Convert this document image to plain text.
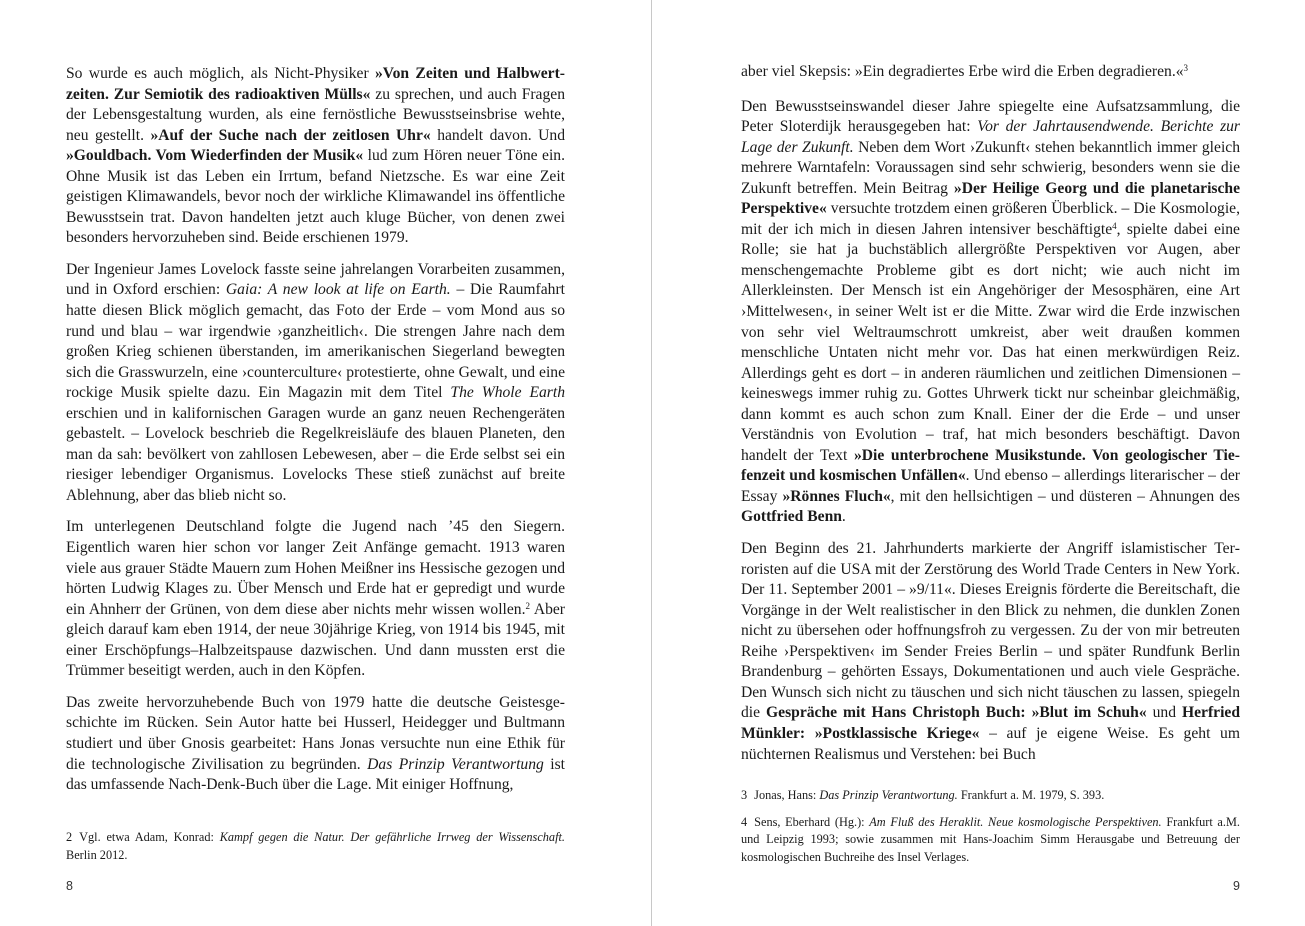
So wurde es auch möglich, als Nicht-Physiker »Von Zeiten und Halbwertzeiten. Zur Semiotik des radioaktiven Mülls« zu sprechen, und auch Fragen der Lebensgestaltung wurden, als eine fernöstliche Bewusstseinsbrise wehte, neu gestellt. »Auf der Suche nach der zeitlosen Uhr« handelt davon. Und »Gouldbach. Vom Wiederfinden der Musik« lud zum Hören neuer Töne ein. Ohne Musik ist das Leben ein Irrtum, befand Nietzsche. Es war eine Zeit geistigen Klimawandels, bevor noch der wirkliche Klimawandel ins öffentliche Bewusstsein trat. Davon handelten jetzt auch kluge Bücher, von denen zwei besonders hervorzuheben sind. Beide erschienen 1979.

Der Ingenieur James Lovelock fasste seine jahrelangen Vorarbeiten zusammen, und in Oxford erschien: Gaia: A new look at life on Earth. – Die Raumfahrt hatte diesen Blick möglich gemacht, das Foto der Erde – vom Mond aus so rund und blau – war irgendwie ›ganzheitlich‹. Die strengen Jahre nach dem großen Krieg schienen überstanden, im amerikanischen Siegerland bewegten sich die Grasswurzeln, eine ›counterculture‹ protestierte, ohne Gewalt, und eine rockige Musik spielte dazu. Ein Magazin mit dem Titel The Whole Earth erschien und in kalifornischen Garagen wurde an ganz neuen Rechengeräten gebastelt. – Lovelock beschrieb die Regelkreisläufe des blauen Planeten, den man da sah: bevölkert von zahllosen Lebewesen, aber – die Erde selbst sei ein riesiger lebendiger Organismus. Lovelocks These stieß zunächst auf breite Ablehnung, aber das blieb nicht so.

Im unterlegenen Deutschland folgte die Jugend nach ’45 den Siegern. Eigentlich waren hier schon vor langer Zeit Anfänge gemacht. 1913 waren viele aus grauer Städte Mauern zum Hohen Meißner ins Hessische gezogen und hörten Ludwig Klages zu. Über Mensch und Erde hat er gepredigt und wurde ein Ahnherr der Grünen, von dem diese aber nichts mehr wissen wollen.$^2$ Aber gleich darauf kam eben 1914, der neue 30jährige Krieg, von 1914 bis 1945, mit einer Erschöpfungs–Halbzeitspause dazwischen. Und dann mussten erst die Trümmer beseitigt werden, auch in den Köpfen.

Das zweite hervorzuhebende Buch von 1979 hatte die deutsche Geistesgeschichte im Rücken. Sein Autor hatte bei Husserl, Heidegger und Bultmann studiert und über Gnosis gearbeitet: Hans Jonas versuchte nun eine Ethik für die technologische Zivilisation zu begründen. Das Prinzip Verantwortung ist das umfassende Nach-Denk-Buch über die Lage. Mit einiger Hoffnung,

2 Vgl. etwa Adam, Konrad: Kampf gegen die Natur. Der gefährliche Irrweg der Wissenschaft. Berlin 2012.
8

aber viel Skepsis: »Ein degradiertes Erbe wird die Erben degradieren.«$^3$

Den Bewusstseinswandel dieser Jahre spiegelte eine Aufsatzsammlung, die Peter Sloterdijk herausgegeben hat: Vor der Jahrtausendwende. Berichte zur Lage der Zukunft. Neben dem Wort ›Zukunft‹ stehen bekanntlich immer gleich mehrere Warntafeln: Voraussagen sind sehr schwierig, besonders wenn sie die Zukunft betreffen. Mein Beitrag »Der Heilige Georg und die planetarische Perspektive« versuchte trotzdem einen größeren Überblick. – Die Kosmologie, mit der ich mich in diesen Jahren intensiver beschäftigte$^4$, spielte dabei eine Rolle; sie hat ja buchstäblich allergrößte Perspektiven vor Augen, aber menschengemachte Probleme gibt es dort nicht; wie auch nicht im Allerkleinsten. Der Mensch ist ein Angehöriger der Mesosphären, eine Art ›Mittelwesen‹, in seiner Welt ist er die Mitte. Zwar wird die Erde inzwischen von sehr viel Weltraumschrott umkreist, aber weit draußen kommen menschliche Untaten nicht mehr vor. Das hat einen merkwürdigen Reiz. Allerdings geht es dort – in anderen räumlichen und zeitlichen Dimensionen – keineswegs immer ruhig zu. Gottes Uhrwerk tickt nur scheinbar gleichmäßig, dann kommt es auch schon zum Knall. Einer der die Erde – und unser Verständnis von Evolution – traf, hat mich besonders beschäftigt. Davon handelt der Text »Die unterbrochene Musikstunde. Von geologischer Tiefenzeit und kosmischen Unfällen«. Und ebenso – allerdings literarischer – der Essay »Rönnes Fluch«, mit den hellsichtigen – und düsteren – Ahnungen des Gottfried Benn.

Den Beginn des 21. Jahrhunderts markierte der Angriff islamistischer Terroristen auf die USA mit der Zerstörung des World Trade Centers in New York. Der 11. September 2001 – »9/11«. Dieses Ereignis förderte die Bereitschaft, die Vorgänge in der Welt realistischer in den Blick zu nehmen, die dunklen Zonen nicht zu übersehen oder hoffnungsfroh zu vergessen. Zu der von mir betreuten Reihe ›Perspektiven‹ im Sender Freies Berlin – und später Rundfunk Berlin Brandenburg – gehörten Essays, Dokumentationen und auch viele Gespräche. Den Wunsch sich nicht zu täuschen und sich nicht täuschen zu lassen, spiegeln die Gespräche mit Hans Christoph Buch: »Blut im Schuh« und Herfried Münkler: »Postklassische Kriege« – auf je eigene Weise. Es geht um nüchternen Realismus und Verstehen: bei Buch

3 Jonas, Hans: Das Prinzip Verantwortung. Frankfurt a. M. 1979, S. 393.
4 Sens, Eberhard (Hg.): Am Fluß des Heraklit. Neue kosmologische Perspektiven. Frankfurt a.M. und Leipzig 1993; sowie zusammen mit Hans-Joachim Simm Herausgabe und Betreuung der kosmologischen Buchreihe des Insel Verlages.
9
